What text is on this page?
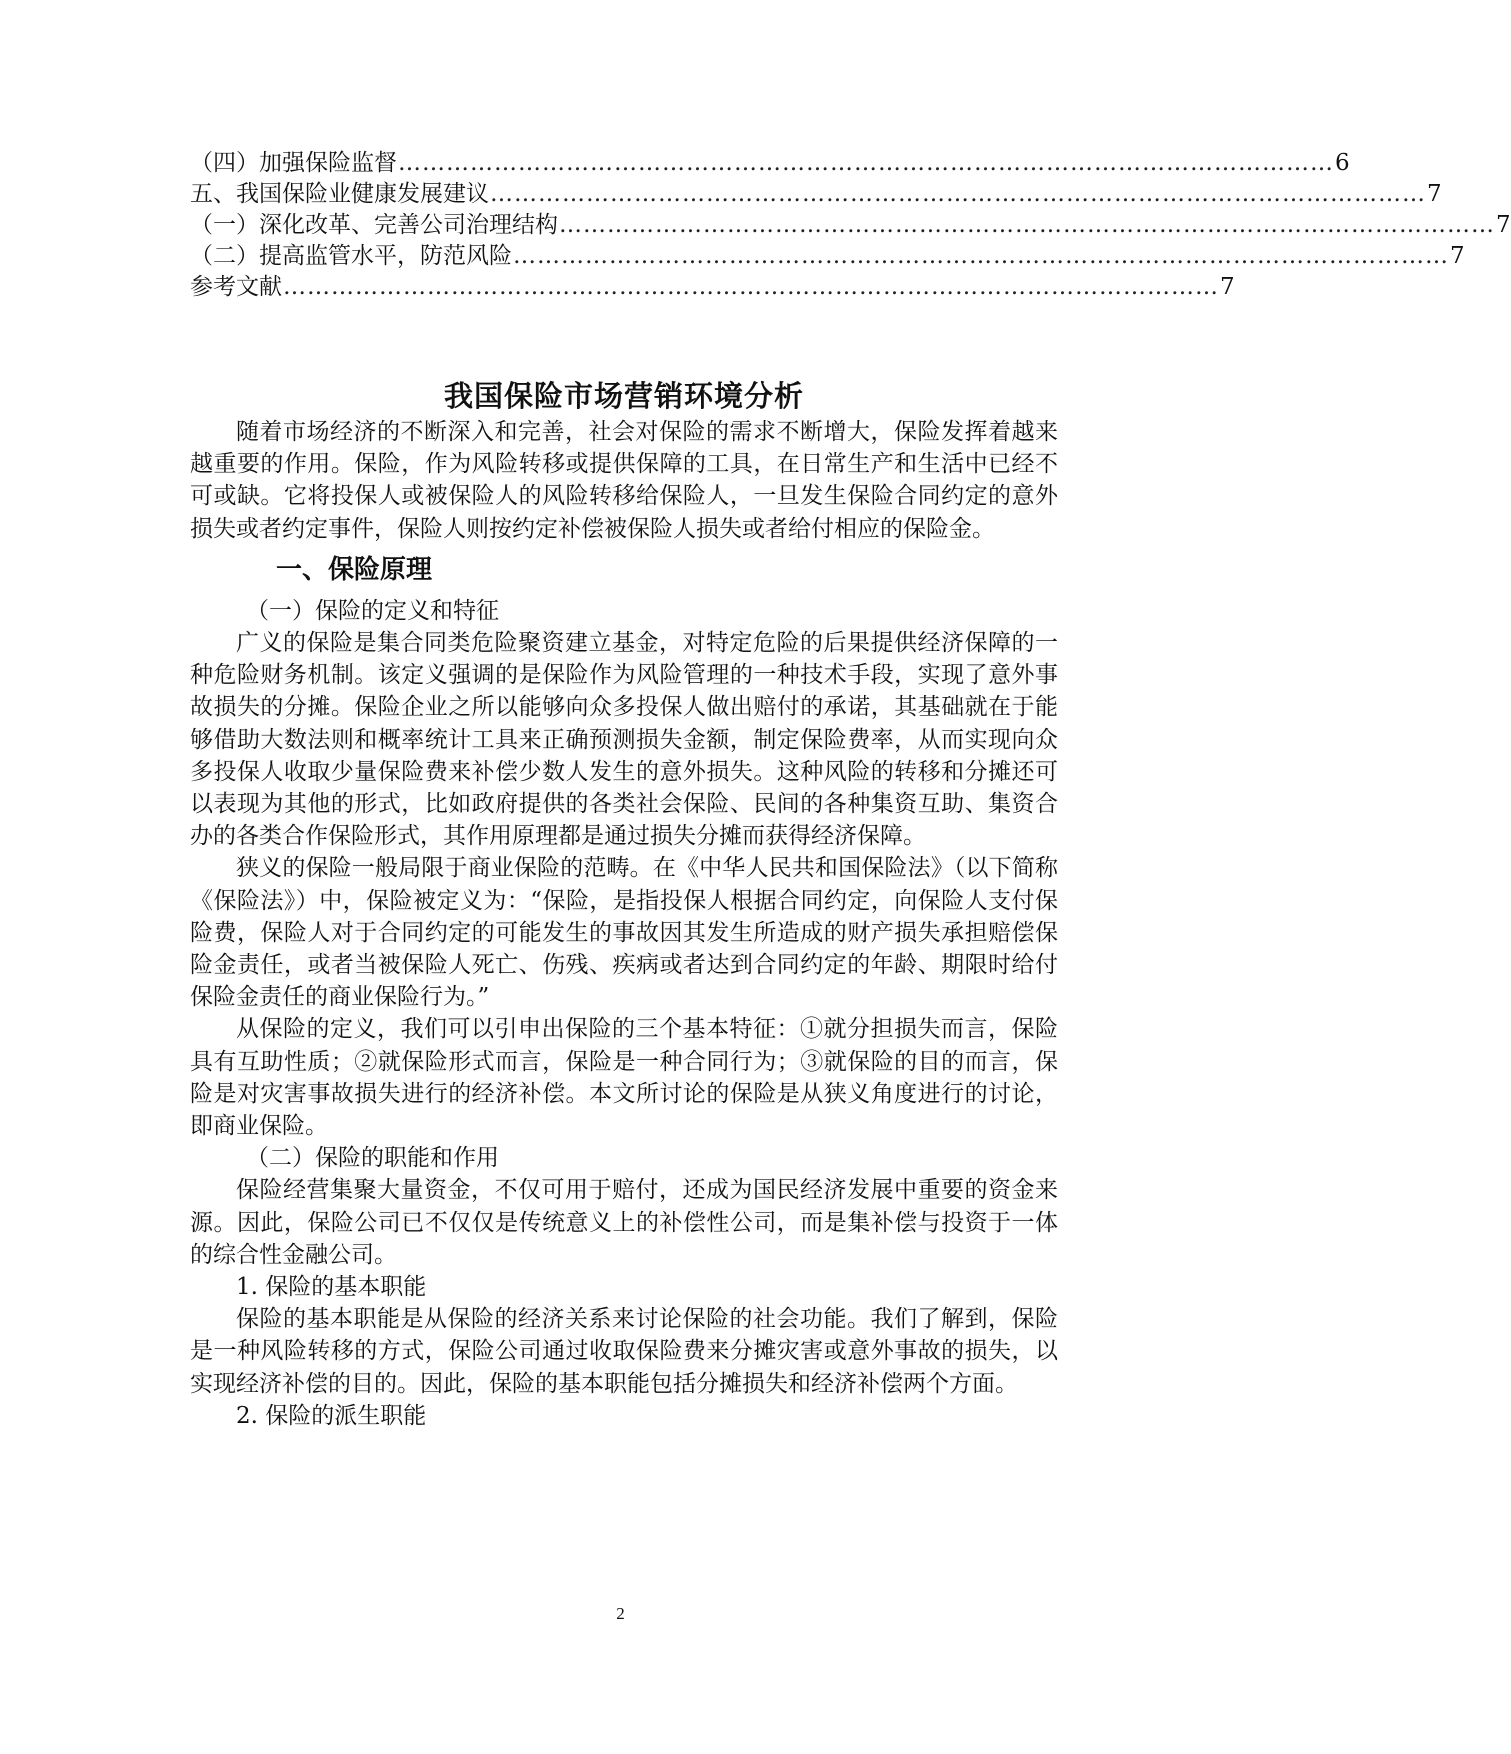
（四）加强保险监督 ……………………………………………………………………………………………………… 6
五、我国保险业健康发展建议 ……………………………………………………………………………………………………… 7
（一）深化改革、完善公司治理结构 ……………………………………………………………………………………………………… 7
（二）提高监管水平，防范风险 ……………………………………………………………………………………………………… 7
参考文献 ……………………………………………………………………………………………………… 7
我国保险市场营销环境分析

随着市场经济的不断深入和完善，社会对保险的需求不断增大，保险发挥着越来越重要的作用。保险，作为风险转移或提供保障的工具，在日常生产和生活中已经不可或缺。它将投保人或被保险人的风险转移给保险人，一旦发生保险合同约定的意外损失或者约定事件，保险人则按约定补偿被保险人损失或者给付相应的保险金。

一、保险原理

（一）保险的定义和特征

广义的保险是集合同类危险聚资建立基金，对特定危险的后果提供经济保障的一种危险财务机制。该定义强调的是保险作为风险管理的一种技术手段，实现了意外事故损失的分摊。保险企业之所以能够向众多投保人做出赔付的承诺，其基础就在于能够借助大数法则和概率统计工具来正确预测损失金额，制定保险费率，从而实现向众多投保人收取少量保险费来补偿少数人发生的意外损失。这种风险的转移和分摊还可以表现为其他的形式，比如政府提供的各类社会保险、民间的各种集资互助、集资合办的各类合作保险形式，其作用原理都是通过损失分摊而获得经济保障。

狭义的保险一般局限于商业保险的范畴。在《中华人民共和国保险法》（以下简称《保险法》）中，保险被定义为：“保险，是指投保人根据合同约定，向保险人支付保险费，保险人对于合同约定的可能发生的事故因其发生所造成的财产损失承担赔偿保险金责任，或者当被保险人死亡、伤残、疾病或者达到合同约定的年龄、期限时给付保险金责任的商业保险行为。”

从保险的定义，我们可以引申出保险的三个基本特征：①就分担损失而言，保险具有互助性质；②就保险形式而言，保险是一种合同行为；③就保险的目的而言，保险是对灾害事故损失进行的经济补偿。本文所讨论的保险是从狭义角度进行的讨论，即商业保险。

（二）保险的职能和作用

保险经营集聚大量资金，不仅可用于赔付，还成为国民经济发展中重要的资金来源。因此，保险公司已不仅仅是传统意义上的补偿性公司，而是集补偿与投资于一体的综合性金融公司。

1. 保险的基本职能

保险的基本职能是从保险的经济关系来讨论保险的社会功能。我们了解到，保险是一种风险转移的方式，保险公司通过收取保险费来分摊灾害或意外事故的损失，以实现经济补偿的目的。因此，保险的基本职能包括分摊损失和经济补偿两个方面。

2. 保险的派生职能

2
